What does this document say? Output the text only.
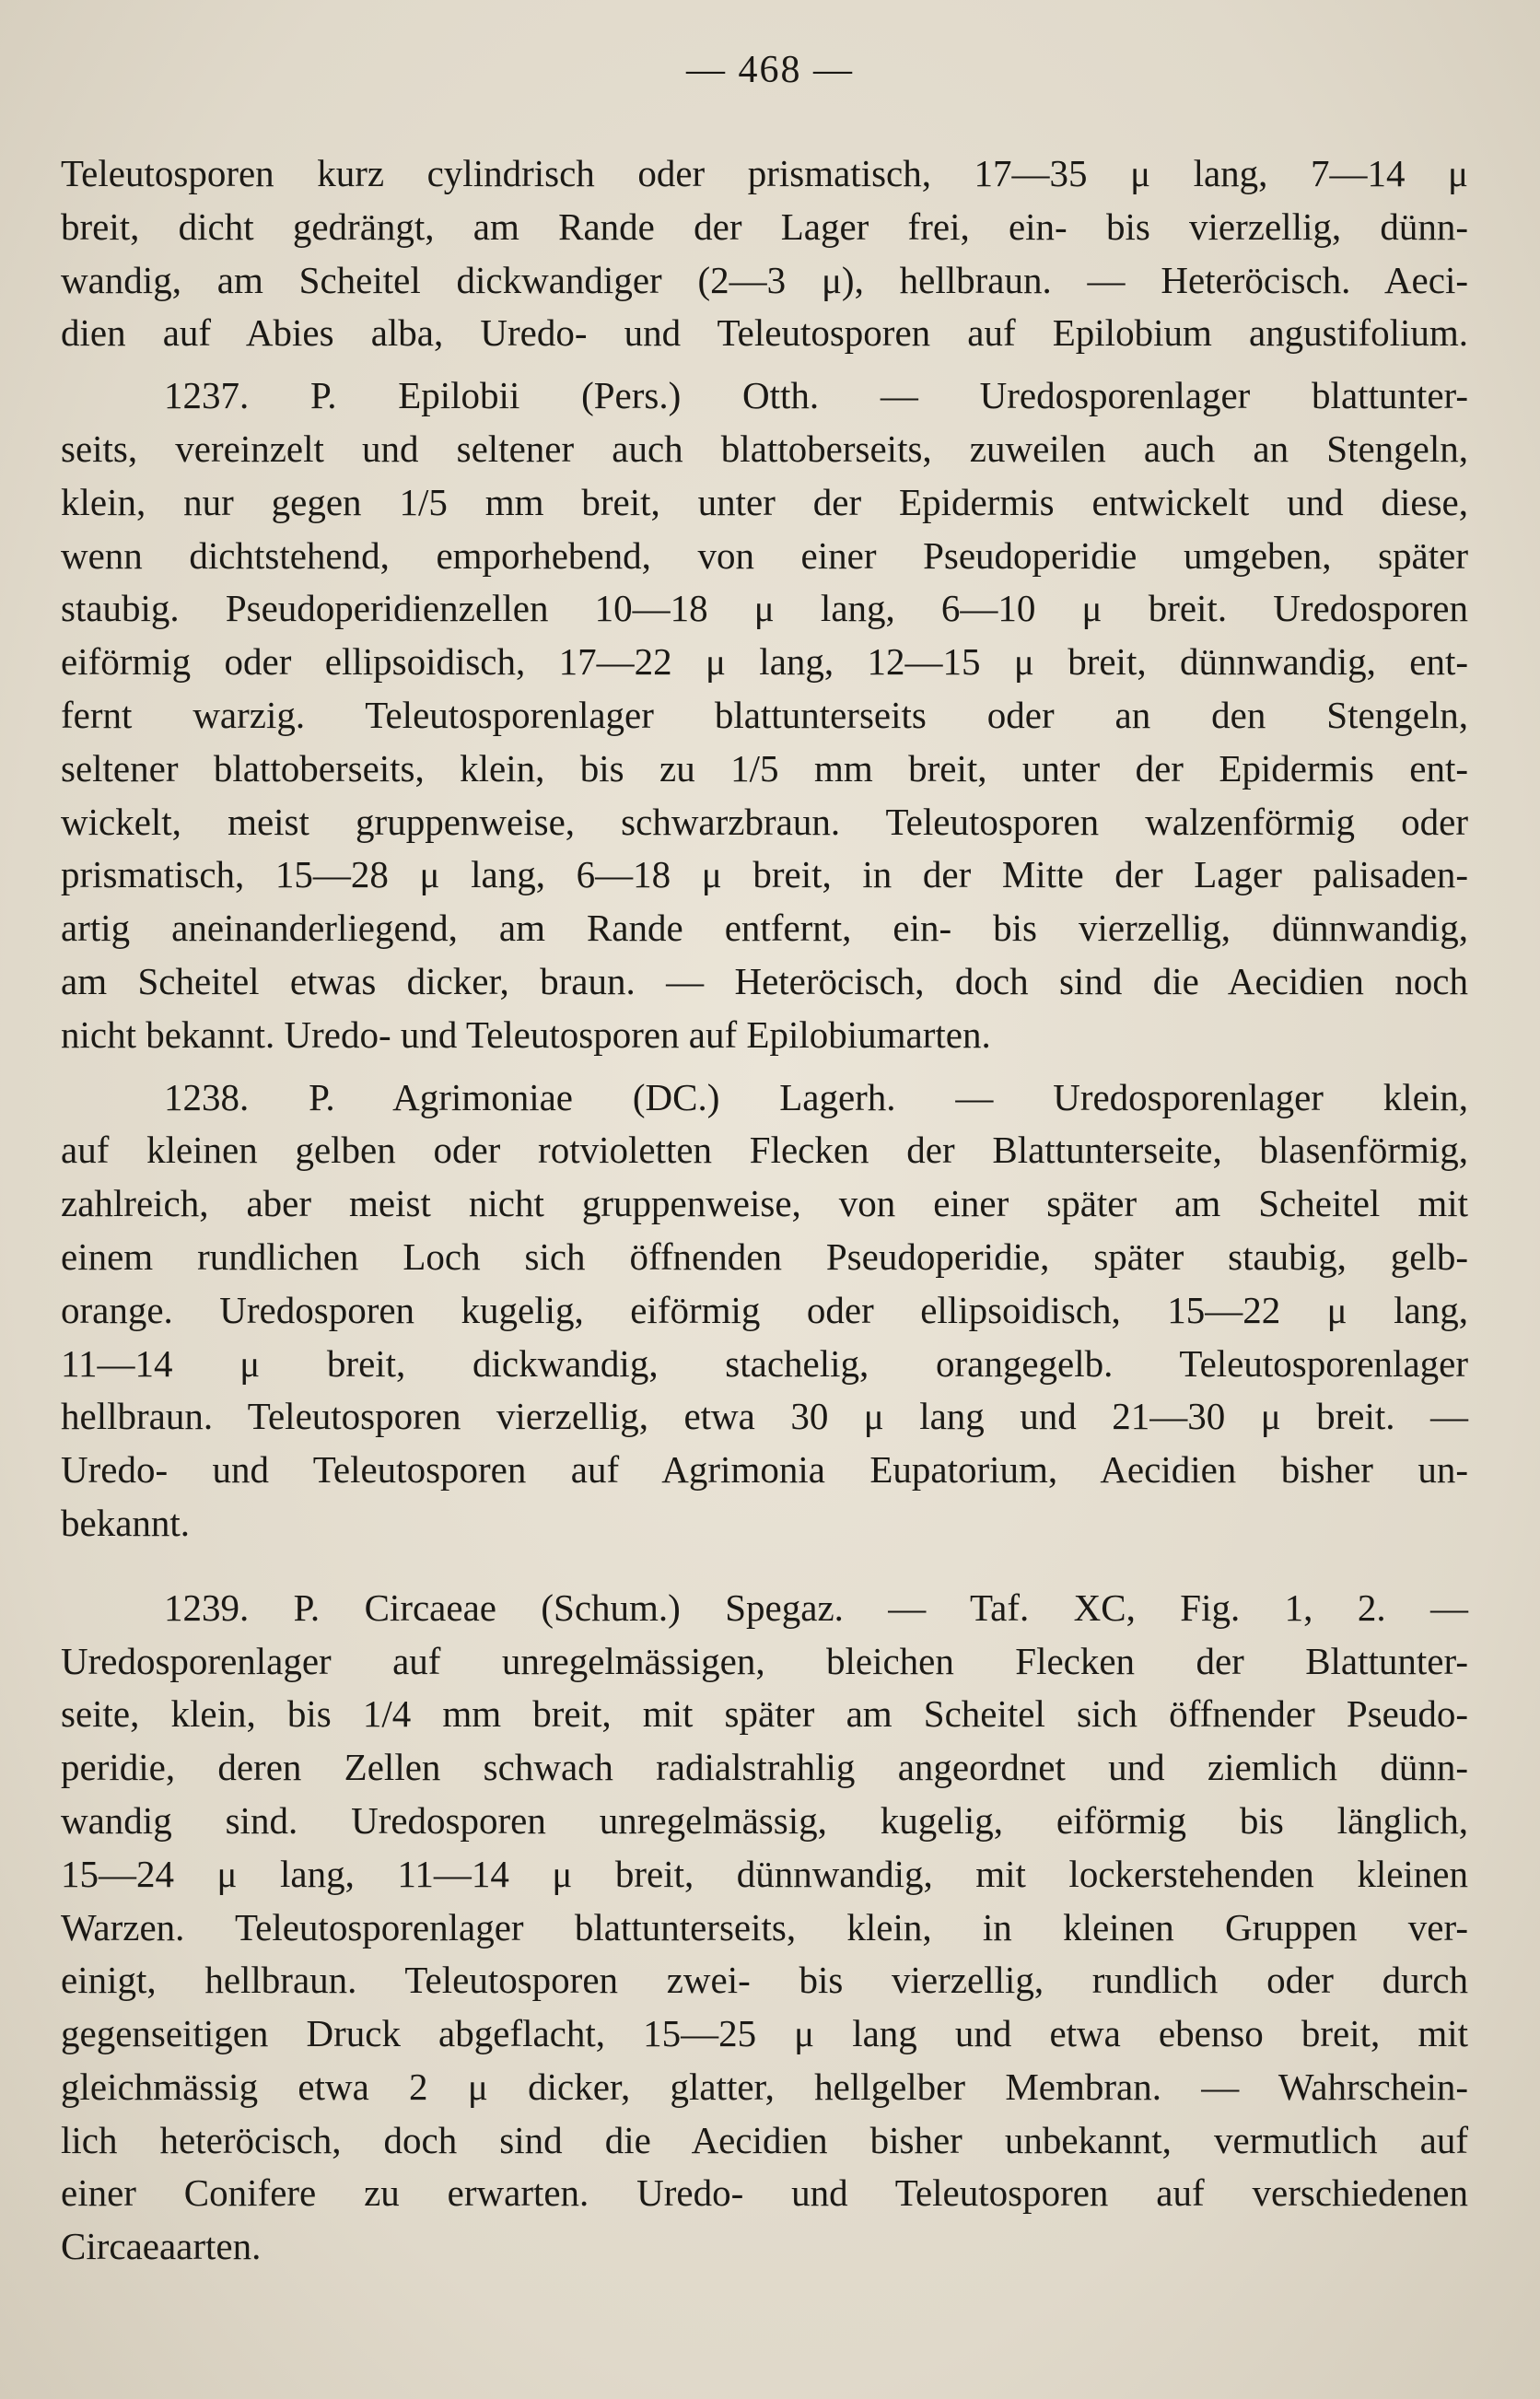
— 468 —
Teleutosporen kurz cylindrisch oder prismatisch, 17—35 μ lang, 7—14 μ
breit, dicht gedrängt, am Rande der Lager frei, ein- bis vierzellig, dünn-
wandig, am Scheitel dickwandiger (2—3 μ), hellbraun. — Heteröcisch. Aeci-
dien auf Abies alba, Uredo- und Teleutosporen auf Epilobium angustifolium.
1237. P. Epilobii (Pers.) Otth. — Uredosporenlager blattunter-
seits, vereinzelt und seltener auch blattoberseits, zuweilen auch an Stengeln,
klein, nur gegen 1/5 mm breit, unter der Epidermis entwickelt und diese,
wenn dichtstehend, emporhebend, von einer Pseudoperidie umgeben, später
staubig. Pseudoperidienzellen 10—18 μ lang, 6—10 μ breit. Uredosporen
eiförmig oder ellipsoidisch, 17—22 μ lang, 12—15 μ breit, dünnwandig, ent-
fernt warzig. Teleutosporenlager blattunterseits oder an den Stengeln,
seltener blattoberseits, klein, bis zu 1/5 mm breit, unter der Epidermis ent-
wickelt, meist gruppenweise, schwarzbraun. Teleutosporen walzenförmig oder
prismatisch, 15—28 μ lang, 6—18 μ breit, in der Mitte der Lager palisaden-
artig aneinanderliegend, am Rande entfernt, ein- bis vierzellig, dünnwandig,
am Scheitel etwas dicker, braun. — Heteröcisch, doch sind die Aecidien noch
nicht bekannt. Uredo- und Teleutosporen auf Epilobiumarten.
1238. P. Agrimoniae (DC.) Lagerh. — Uredosporenlager klein,
auf kleinen gelben oder rotvioletten Flecken der Blattunterseite, blasenförmig,
zahlreich, aber meist nicht gruppenweise, von einer später am Scheitel mit
einem rundlichen Loch sich öffnenden Pseudoperidie, später staubig, gelb-
orange. Uredosporen kugelig, eiförmig oder ellipsoidisch, 15—22 μ lang,
11—14 μ breit, dickwandig, stachelig, orangegelb. Teleutosporenlager
hellbraun. Teleutosporen vierzellig, etwa 30 μ lang und 21—30 μ breit. —
Uredo- und Teleutosporen auf Agrimonia Eupatorium, Aecidien bisher un-
bekannt.
1239. P. Circaeae (Schum.) Spegaz. — Taf. XC, Fig. 1, 2. —
Uredosporenlager auf unregelmässigen, bleichen Flecken der Blattunter-
seite, klein, bis 1/4 mm breit, mit später am Scheitel sich öffnender Pseudo-
peridie, deren Zellen schwach radialstrahlig angeordnet und ziemlich dünn-
wandig sind. Uredosporen unregelmässig, kugelig, eiförmig bis länglich,
15—24 μ lang, 11—14 μ breit, dünnwandig, mit lockerstehenden kleinen
Warzen. Teleutosporenlager blattunterseits, klein, in kleinen Gruppen ver-
einigt, hellbraun. Teleutosporen zwei- bis vierzellig, rundlich oder durch
gegenseitigen Druck abgeflacht, 15—25 μ lang und etwa ebenso breit, mit
gleichmässig etwa 2 μ dicker, glatter, hellgelber Membran. — Wahrschein-
lich heteröcisch, doch sind die Aecidien bisher unbekannt, vermutlich auf
einer Conifere zu erwarten. Uredo- und Teleutosporen auf verschiedenen
Circaeaarten.
